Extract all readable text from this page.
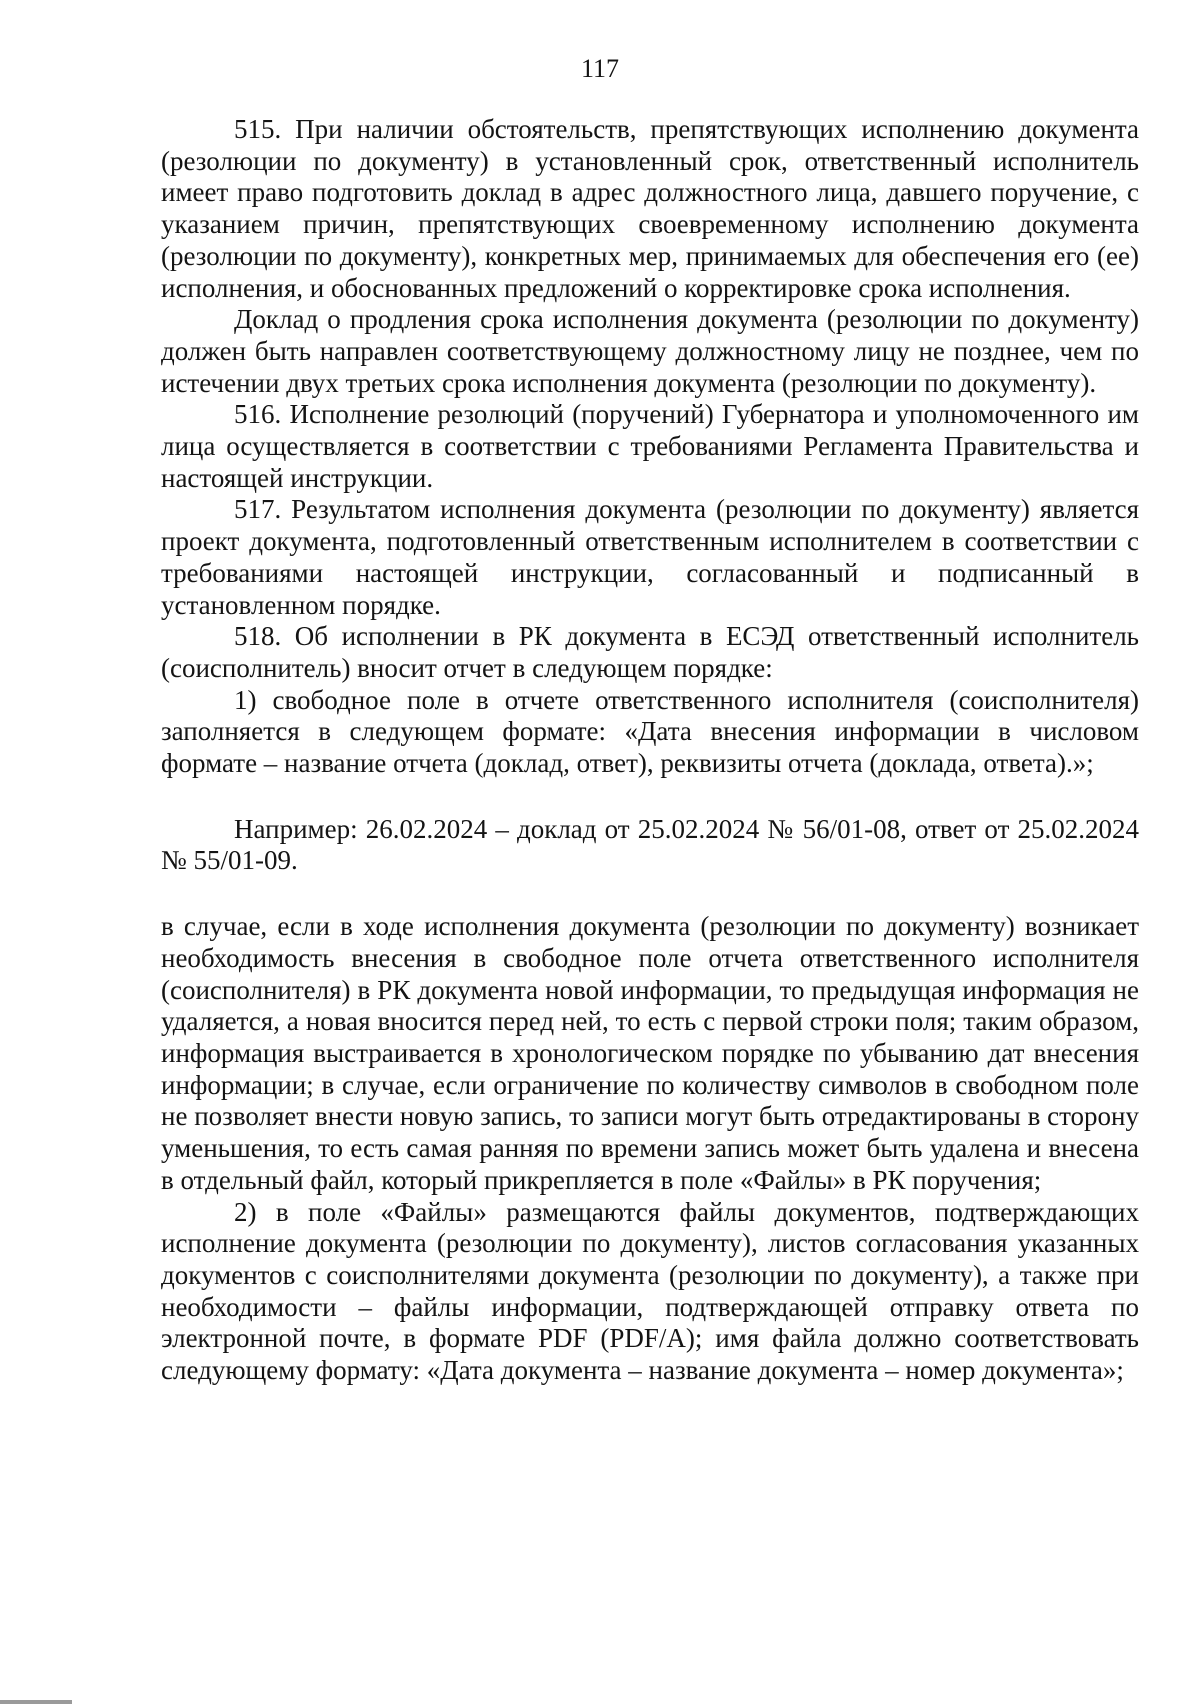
117

515. При наличии обстоятельств, препятствующих исполнению документа (резолюции по документу) в установленный срок, ответственный исполнитель имеет право подготовить доклад в адрес должностного лица, давшего поручение, с указанием причин, препятствующих своевременному исполнению документа (резолюции по документу), конкретных мер, принимаемых для обеспечения его (ее) исполнения, и обоснованных предложений о корректировке срока исполнения.

Доклад о продления срока исполнения документа (резолюции по документу) должен быть направлен соответствующему должностному лицу не позднее, чем по истечении двух третьих срока исполнения документа (резолюции по документу).

516. Исполнение резолюций (поручений) Губернатора и уполномоченного им лица осуществляется в соответствии с требованиями Регламента Правительства и настоящей инструкции.

517. Результатом исполнения документа (резолюции по документу) является проект документа, подготовленный ответственным исполнителем в соответствии с требованиями настоящей инструкции, согласованный и подписанный в установленном порядке.

518. Об исполнении в РК документа в ЕСЭД ответственный исполнитель (соисполнитель) вносит отчет в следующем порядке:

1) свободное поле в отчете ответственного исполнителя (соисполнителя) заполняется в следующем формате: «Дата внесения информации в числовом формате – название отчета (доклад, ответ), реквизиты отчета (доклада, ответа).»;

Например: 26.02.2024 – доклад от 25.02.2024 № 56/01-08, ответ от 25.02.2024 № 55/01-09.

в случае, если в ходе исполнения документа (резолюции по документу) возникает необходимость внесения в свободное поле отчета ответственного исполнителя (соисполнителя) в РК документа новой информации, то предыдущая информация не удаляется, а новая вносится перед ней, то есть с первой строки поля; таким образом, информация выстраивается в хронологическом порядке по убыванию дат внесения информации; в случае, если ограничение по количеству символов в свободном поле не позволяет внести новую запись, то записи могут быть отредактированы в сторону уменьшения, то есть самая ранняя по времени запись может быть удалена и внесена в отдельный файл, который прикрепляется в поле «Файлы» в РК поручения;

2) в поле «Файлы» размещаются файлы документов, подтверждающих исполнение документа (резолюции по документу), листов согласования указанных документов с соисполнителями документа (резолюции по документу), а также при необходимости – файлы информации, подтверждающей отправку ответа по электронной почте, в формате PDF (PDF/A); имя файла должно соответствовать следующему формату: «Дата документа – название документа – номер документа»;
